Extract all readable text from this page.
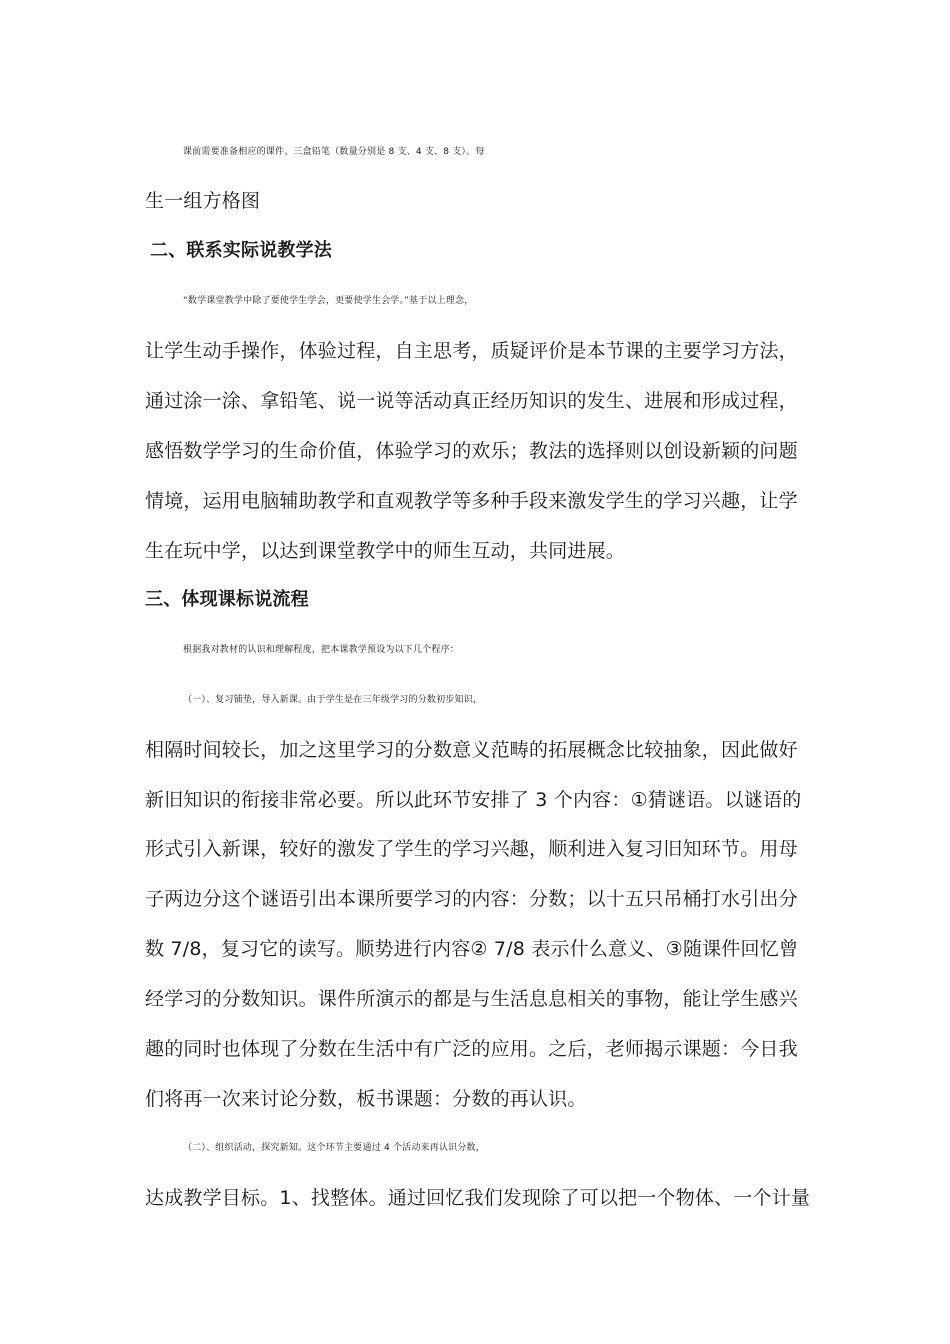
课前需要准备相应的课件、三盒铅笔（数量分别是 8 支、4 支、8 支）、每
生一组方格图
二、联系实际说教学法
“数学课堂教学中除了要使学生学会，更要使学生会学。”基于以上理念，
让学生动手操作，体验过程，自主思考，质疑评价是本节课的主要学习方法，
通过涂一涂、拿铅笔、说一说等活动真正经历知识的发生、进展和形成过程，
感悟数学学习的生命价值，体验学习的欢乐；教法的选择则以创设新颖的问题
情境，运用电脑辅助教学和直观教学等多种手段来激发学生的学习兴趣，让学
生在玩中学，以达到课堂教学中的师生互动，共同进展。
三、体现课标说流程
根据我对教材的认识和理解程度，把本课教学预设为以下几个程序：
（一）、复习铺垫，导入新课。由于学生是在三年级学习的分数初步知识，
相隔时间较长，加之这里学习的分数意义范畴的拓展概念比较抽象，因此做好
新旧知识的衔接非常必要。所以此环节安排了 3 个内容：①猜谜语。以谜语的
形式引入新课，较好的激发了学生的学习兴趣，顺利进入复习旧知环节。用母
子两边分这个谜语引出本课所要学习的内容：分数；以十五只吊桶打水引出分
数 7/8，复习它的读写。顺势进行内容② 7/8 表示什么意义、③随课件回忆曾
经学习的分数知识。课件所演示的都是与生活息息相关的事物，能让学生感兴
趣的同时也体现了分数在生活中有广泛的应用。之后，老师揭示课题：今日我
们将再一次来讨论分数，板书课题：分数的再认识。
（二）、组织活动，探究新知。这个环节主要通过 4 个活动来再认识分数，
达成教学目标。1、找整体。通过回忆我们发现除了可以把一个物体、一个计量
